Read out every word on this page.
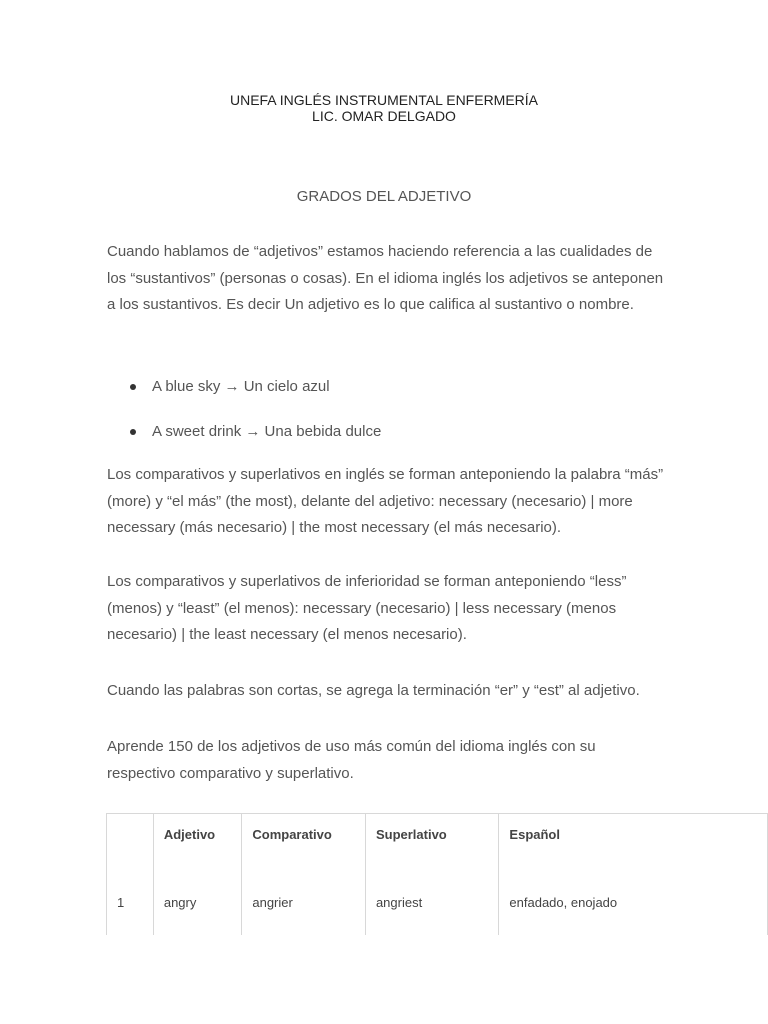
UNEFA INGLÉS INSTRUMENTAL ENFERMERÍA
LIC. OMAR DELGADO
GRADOS DEL ADJETIVO
Cuando hablamos de “adjetivos” estamos haciendo referencia a las cualidades de los “sustantivos” (personas o cosas). En el idioma inglés los adjetivos se anteponen a los sustantivos. Es decir Un adjetivo es lo que califica al sustantivo o nombre.
A blue sky → Un cielo azul
A sweet drink → Una bebida dulce
Los comparativos y superlativos en inglés se forman anteponiendo la palabra “más” (more) y “el más” (the most), delante del adjetivo: necessary (necesario) | more necessary (más necesario) | the most necessary (el más necesario).
Los comparativos y superlativos de inferioridad se forman anteponiendo “less” (menos) y “least” (el menos): necessary (necesario) | less necessary (menos necesario) | the least necessary (el menos necesario).
Cuando las palabras son cortas, se agrega la terminación “er” y “est” al adjetivo.
Aprende 150 de los adjetivos de uso más común del idioma inglés con su respectivo comparativo y superlativo.
	Adjetivo	Comparativo	Superlativo	Español
1	angry	angrier	angriest	enfadado, enojado
